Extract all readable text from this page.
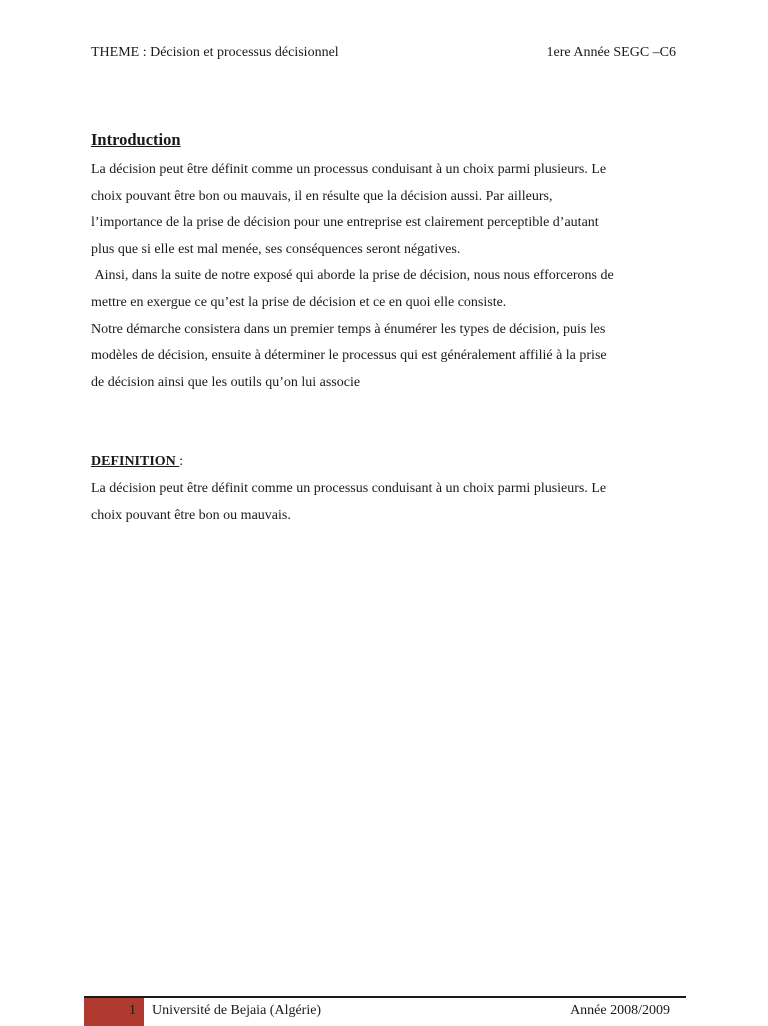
THEME : Décision et processus décisionnel	1ere Année SEGC –C6
Introduction
La décision peut être définit comme un processus conduisant à un choix parmi plusieurs. Le
choix pouvant être bon ou mauvais, il en résulte que la décision aussi. Par ailleurs,
l’importance de la prise de décision pour une entreprise est clairement perceptible d’autant
plus que si elle est mal menée, ses conséquences seront négatives.
Ainsi, dans la suite de notre exposé qui aborde la prise de décision, nous nous efforcerons de
mettre en exergue ce qu’est la prise de décision et ce en quoi elle consiste.
Notre démarche consistera dans un premier temps à énumérer les types de décision, puis les
modèles de décision, ensuite à déterminer le processus qui est généralement affilié à la prise
de décision ainsi que les outils qu’on lui associe
DEFINITION :
La décision peut être définit comme un processus conduisant à un choix parmi plusieurs. Le
choix pouvant être bon ou mauvais.
1	Université de Bejaia (Algérie)	Année 2008/2009
